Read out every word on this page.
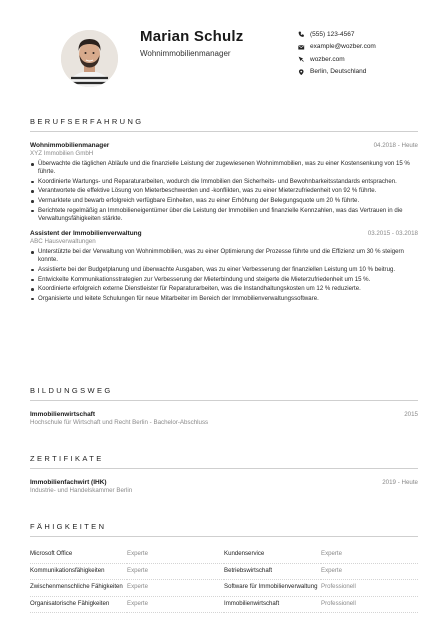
Marian Schulz
Wohnimmobilienmanager
(555) 123-4567
example@wozber.com
wozber.com
Berlin, Deutschland
BERUFSERFAHRUNG
Wohnimmobilienmanager	04.2018 - Heute
XYZ Immobilien GmbH
Überwachte die täglichen Abläufe und die finanzielle Leistung der zugewiesenen Wohnimmobilien, was zu einer Kostensenkung von 15 % führte.
Koordinierte Wartungs- und Reparaturarbeiten, wodurch die Immobilien den Sicherheits- und Bewohnbarkeitsstandards entsprachen.
Verantwortete die effektive Lösung von Mieterbeschwerden und -konflikten, was zu einer Mieterzufriedenheit von 92 % führte.
Vermarktete und bewarb erfolgreich verfügbare Einheiten, was zu einer Erhöhung der Belegungsquote um 20 % führte.
Berichtete regelmäßig an Immobilieneigentümer über die Leistung der Immobilien und finanzielle Kennzahlen, was das Vertrauen in die Verwaltungsfähigkeiten stärkte.
Assistent der Immobilienverwaltung	03.2015 - 03.2018
ABC Hausverwaltungen
Unterstützte bei der Verwaltung von Wohnimmobilien, was zu einer Optimierung der Prozesse führte und die Effizienz um 30 % steigern konnte.
Assistierte bei der Budgetplanung und überwachte Ausgaben, was zu einer Verbesserung der finanziellen Leistung um 10 % beitrug.
Entwickelte Kommunikationsstrategien zur Verbesserung der Mieterbindung und steigerte die Mieterzufriedenheit um 15 %.
Koordinierte erfolgreich externe Dienstleister für Reparaturarbeiten, was die Instandhaltungskosten um 12 % reduzierte.
Organisierte und leitete Schulungen für neue Mitarbeiter im Bereich der Immobilienverwaltungssoftware.
BILDUNGSWEG
Immobilienwirtschaft	2015
Hochschule für Wirtschaft und Recht Berlin - Bachelor-Abschluss
ZERTIFIKATE
Immobilienfachwirt (IHK)	2019 - Heute
Industrie- und Handelskammer Berlin
FÄHIGKEITEN
Microsoft Office	Experte	Kundenservice	Experte
Kommunikationsfähigkeiten	Experte	Betriebswirtschaft	Experte
Zwischenmenschliche Fähigkeiten Experte	Software für Immobilienverwaltung Professionell
Organisatorische Fähigkeiten	Experte	Immobilienwirtschaft	Professionell
